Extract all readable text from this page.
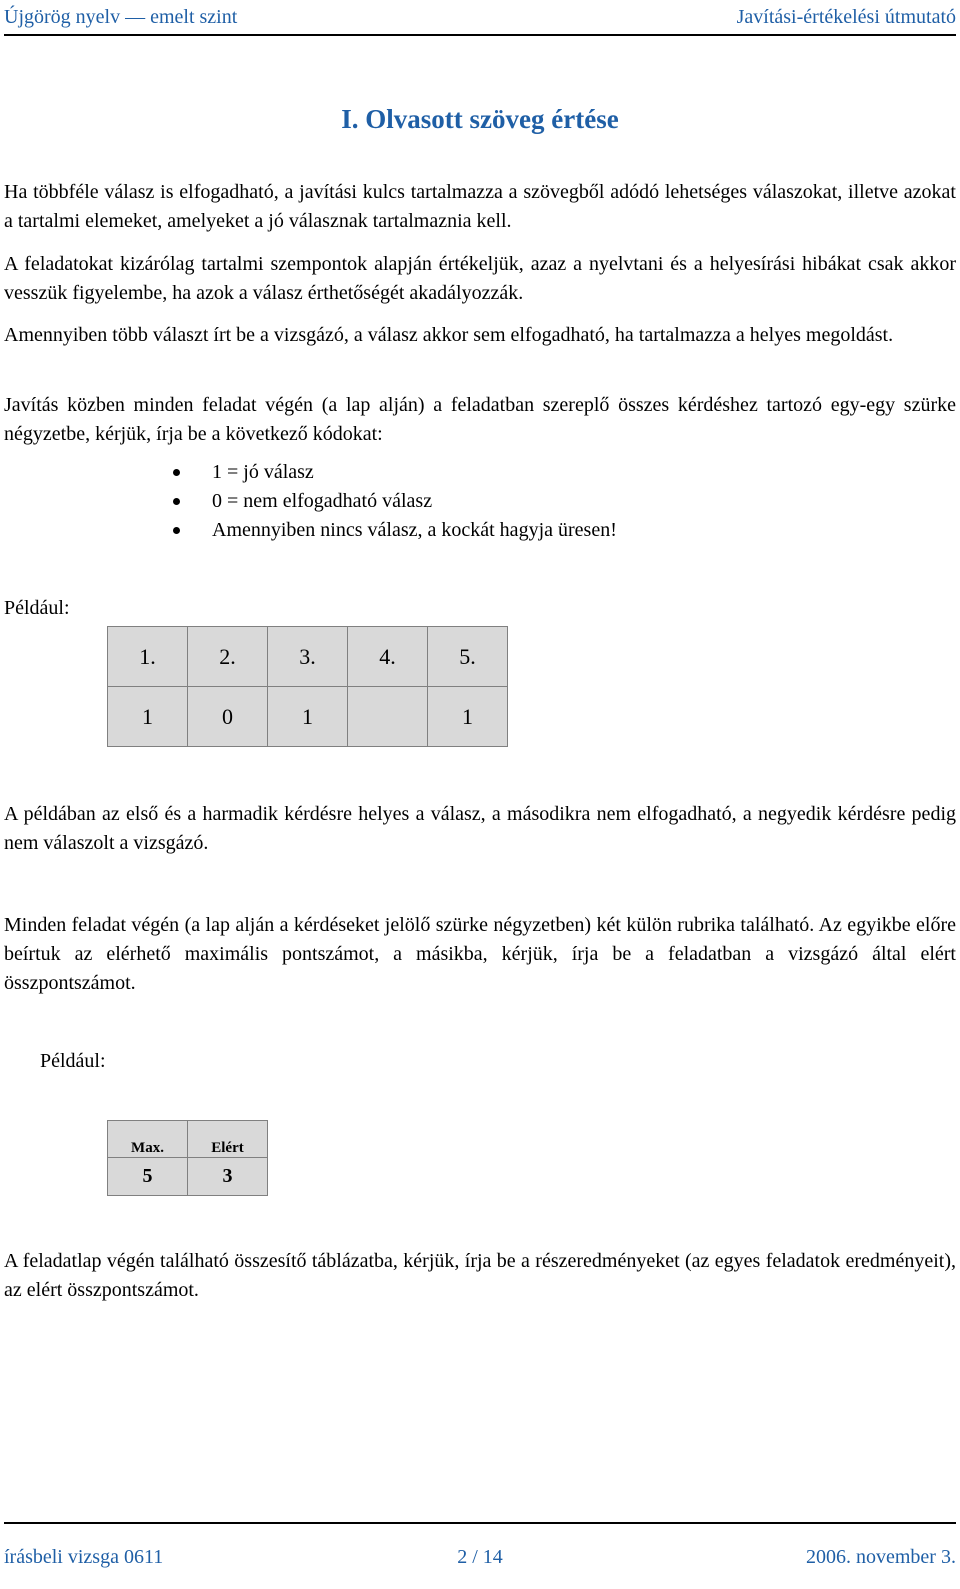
Újgörög nyelv — emelt szint	Javítási-értékelési útmutató
I. Olvasott szöveg értése

Ha többféle válasz is elfogadható, a javítási kulcs tartalmazza a szövegből adódó lehetséges válaszokat, illetve azokat a tartalmi elemeket, amelyeket a jó válasznak tartalmaznia kell.

A feladatokat kizárólag tartalmi szempontok alapján értékeljük, azaz a nyelvtani és a helyesírási hibákat csak akkor vesszük figyelembe, ha azok a válasz érthetőségét akadályozzák.

Amennyiben több választ írt be a vizsgázó, a válasz akkor sem elfogadható, ha tartalmazza a helyes megoldást.

Javítás közben minden feladat végén (a lap alján) a feladatban szereplő összes kérdéshez tartozó egy-egy szürke négyzetbe, kérjük, írja be a következő kódokat:

1 = jó válasz
0 = nem elfogadható válasz
Amennyiben nincs válasz, a kockát hagyja üresen!
Például:
1.	2.	3.	4.	5.
1	0	1		1

A példában az első és a harmadik kérdésre helyes a válasz, a másodikra nem elfogadható, a negyedik kérdésre pedig nem válaszolt a vizsgázó.

Minden feladat végén (a lap alján a kérdéseket jelölő szürke négyzetben) két külön rubrika található. Az egyikbe előre beírtuk az elérhető maximális pontszámot, a másikba, kérjük, írja be a feladatban a vizsgázó által elért összpontszámot.

Például:
Max.	Elért
5	3

A feladatlap végén található összesítő táblázatba, kérjük, írja be a részeredményeket (az egyes feladatok eredményeit), az elért összpontszámot.

írásbeli vizsga 0611	2 / 14	2006. november 3.
